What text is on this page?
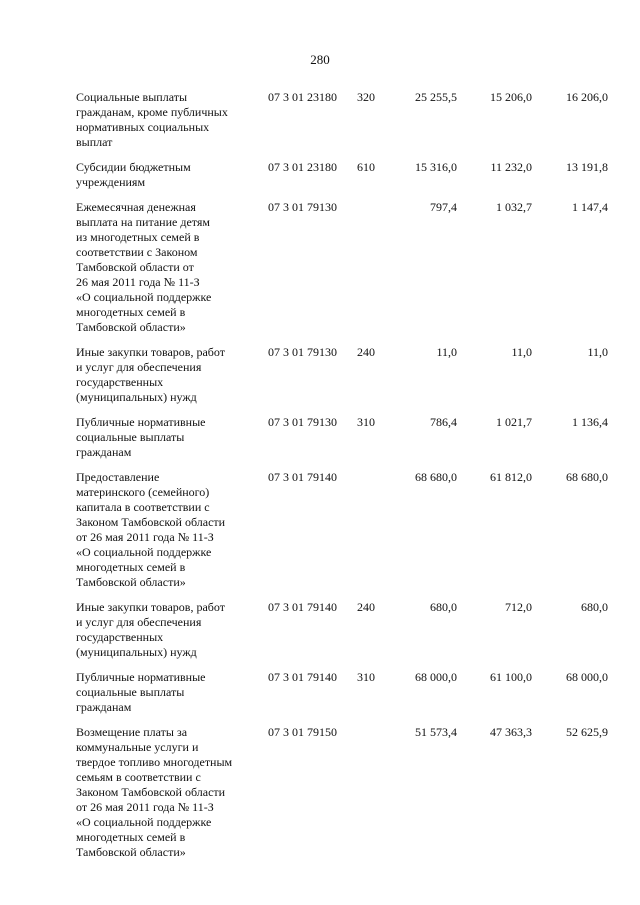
280
Социальные выплаты
гражданам, кроме публичных
нормативных социальных
выплат
07 3 01 23180 320	25 255,5	15 206,0	16 206,0
Субсидии бюджетным
учреждениям
07 3 01 23180 610	15 316,0	11 232,0	13 191,8
Ежемесячная денежная
выплата на питание детям
из многодетных семей в
соответствии с Законом
Тамбовской области от
26 мая 2011 года № 11-З
«О социальной поддержке
многодетных семей в
Тамбовской области»
07 3 01 79130	797,4	1 032,7	1 147,4
Иные закупки товаров, работ
и услуг для обеспечения
государственных
(муниципальных) нужд
07 3 01 79130 240	11,0	11,0	11,0
Публичные нормативные
социальные выплаты
гражданам
07 3 01 79130 310	786,4	1 021,7	1 136,4
Предоставление
материнского (семейного)
капитала в соответствии с
Законом Тамбовской области
от 26 мая 2011 года № 11-З
«О социальной поддержке
многодетных семей в
Тамбовской области»
07 3 01 79140	68 680,0	61 812,0	68 680,0
Иные закупки товаров, работ
и услуг для обеспечения
государственных
(муниципальных) нужд
07 3 01 79140 240	680,0	712,0	680,0
Публичные нормативные
социальные выплаты
гражданам
07 3 01 79140 310	68 000,0	61 100,0	68 000,0
Возмещение платы за
коммунальные услуги и
твердое топливо многодетным
семьям в соответствии с
Законом Тамбовской области
от 26 мая 2011 года № 11-З
«О социальной поддержке
многодетных семей в
Тамбовской области»
07 3 01 79150	51 573,4	47 363,3	52 625,9
